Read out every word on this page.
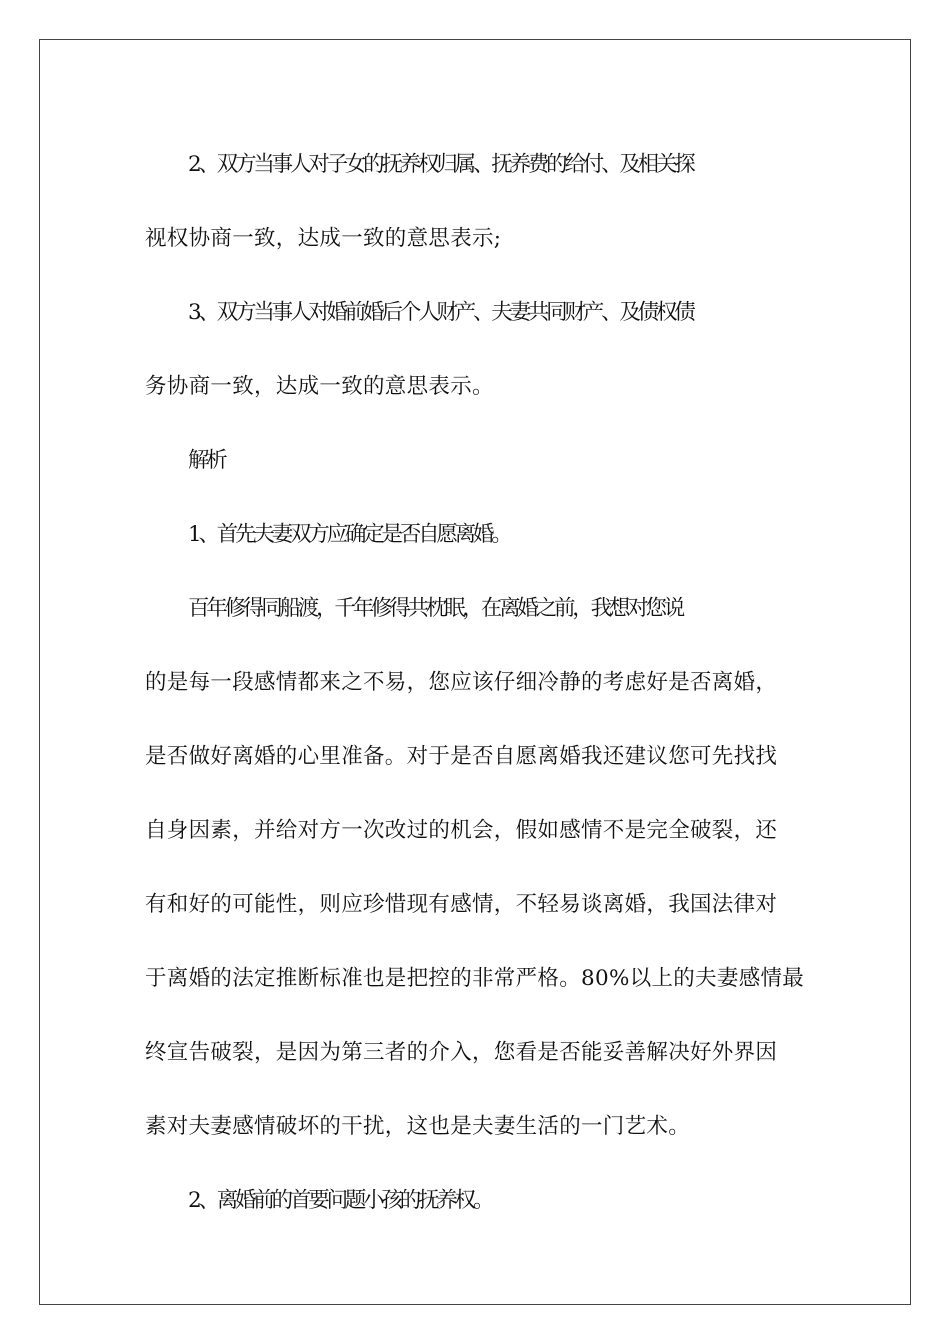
2、双方当事人对子女的抚养权归属、抚养费的给付、及相关探
视权协商一致，达成一致的意思表示;
3、双方当事人对婚前婚后个人财产、夫妻共同财产、及债权债
务协商一致，达成一致的意思表示。
解析
1、首先夫妻双方应确定是否自愿离婚。
百年修得同船渡，千年修得共枕眠，在离婚之前，我想对您说
的是每一段感情都来之不易，您应该仔细冷静的考虑好是否离婚，
是否做好离婚的心里准备。对于是否自愿离婚我还建议您可先找找
自身因素，并给对方一次改过的机会，假如感情不是完全破裂，还
有和好的可能性，则应珍惜现有感情，不轻易谈离婚，我国法律对
于离婚的法定推断标准也是把控的非常严格。80%以上的夫妻感情最
终宣告破裂，是因为第三者的介入，您看是否能妥善解决好外界因
素对夫妻感情破坏的干扰，这也是夫妻生活的一门艺术。
2、离婚前的首要问题小孩的抚养权。
